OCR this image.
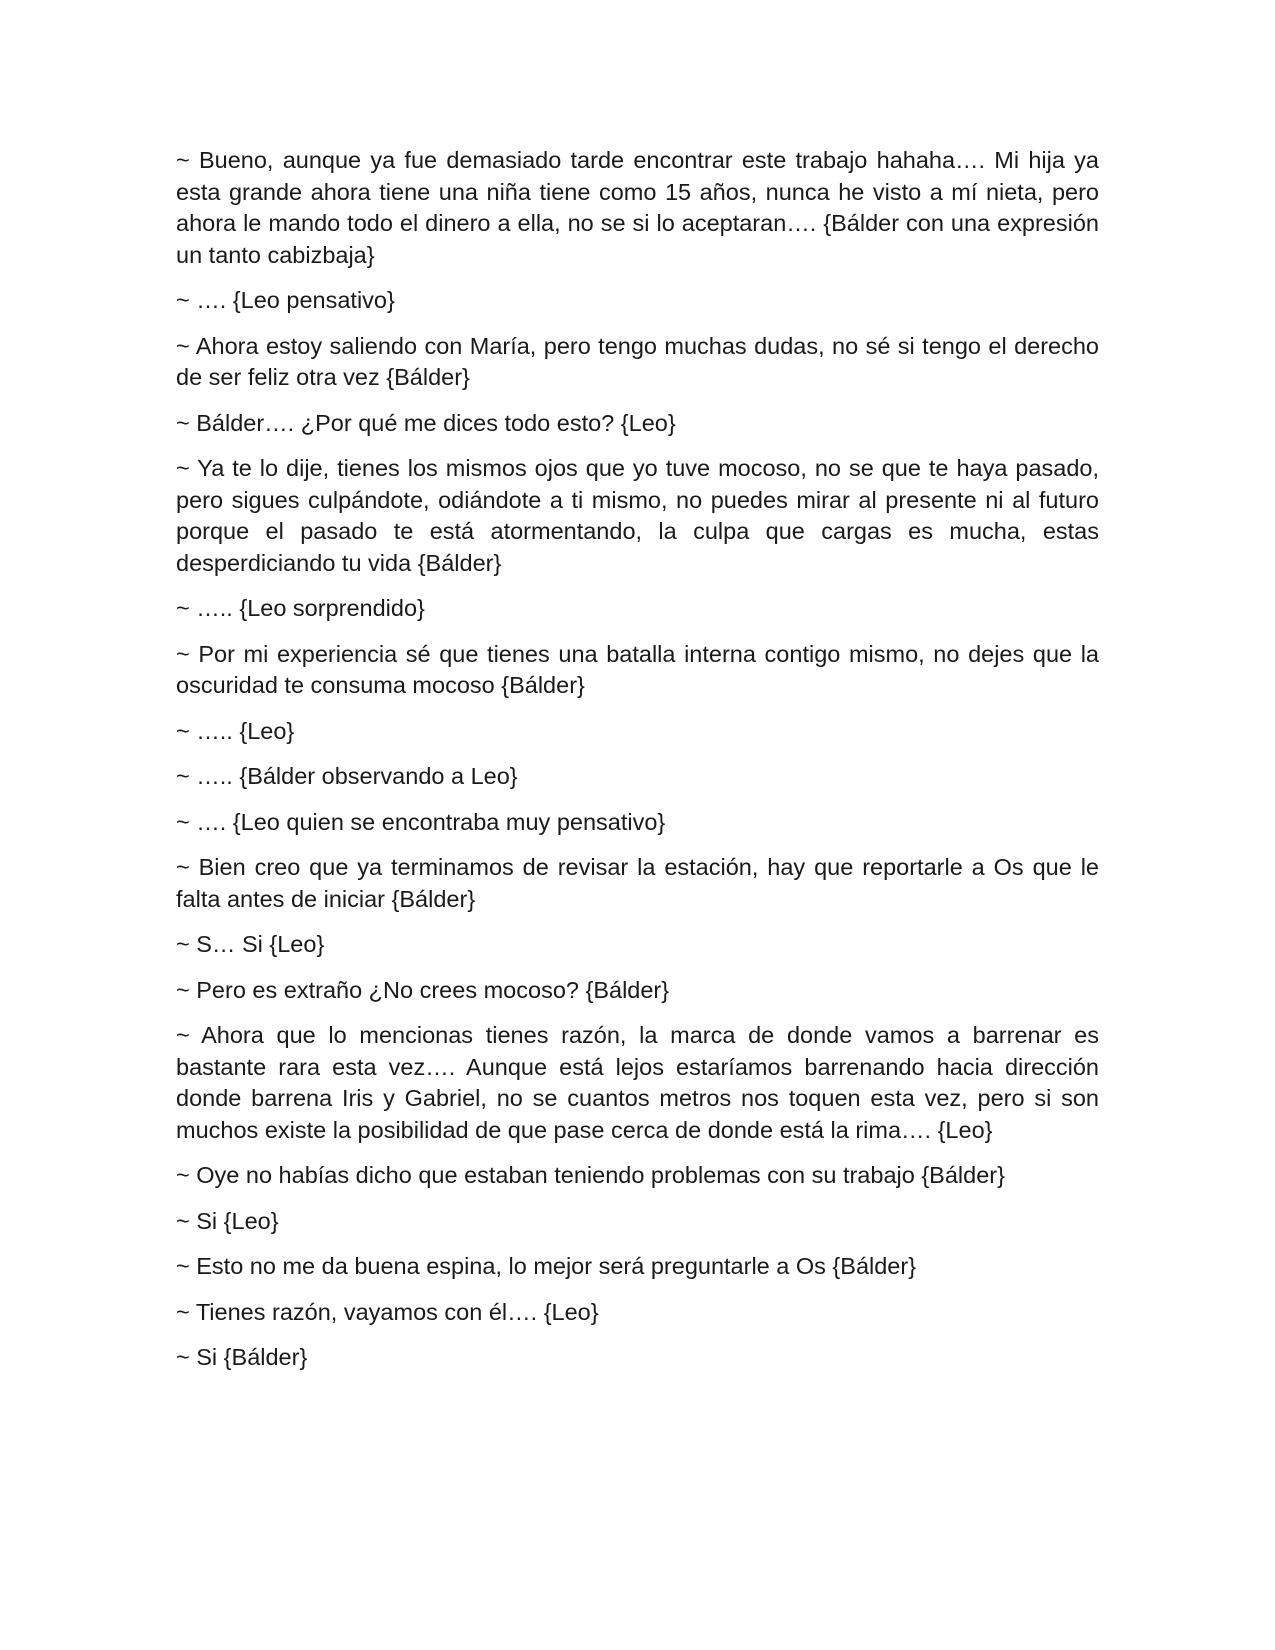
~ Bueno, aunque ya fue demasiado tarde encontrar este trabajo hahaha…. Mi hija ya esta grande ahora tiene una niña tiene como 15 años, nunca he visto a mí nieta, pero ahora le mando todo el dinero a ella, no se si lo aceptaran…. {Bálder con una expresión un tanto cabizbaja}

~ …. {Leo pensativo}

~ Ahora estoy saliendo con María, pero tengo muchas dudas, no sé si tengo el derecho de ser feliz otra vez {Bálder}

~ Bálder…. ¿Por qué me dices todo esto? {Leo}

~ Ya te lo dije, tienes los mismos ojos que yo tuve mocoso, no se que te haya pasado, pero sigues culpándote, odiándote a ti mismo, no puedes mirar al presente ni al futuro porque el pasado te está atormentando, la culpa que cargas es mucha, estas desperdiciando tu vida {Bálder}

~ ….. {Leo sorprendido}

~ Por mi experiencia sé que tienes una batalla interna contigo mismo, no dejes que la oscuridad te consuma mocoso {Bálder}

~ ….. {Leo}

~ ….. {Bálder observando a Leo}

~ …. {Leo quien se encontraba muy pensativo}

~ Bien creo que ya terminamos de revisar la estación, hay que reportarle a Os que le falta antes de iniciar {Bálder}

~ S… Si {Leo}

~ Pero es extraño ¿No crees mocoso? {Bálder}

~ Ahora que lo mencionas tienes razón, la marca de donde vamos a barrenar es bastante rara esta vez…. Aunque está lejos estaríamos barrenando hacia dirección donde barrena Iris y Gabriel, no se cuantos metros nos toquen esta vez, pero si son muchos existe la posibilidad de que pase cerca de donde está la rima…. {Leo}

~ Oye no habías dicho que estaban teniendo problemas con su trabajo {Bálder}

~ Si {Leo}

~ Esto no me da buena espina, lo mejor será preguntarle a Os {Bálder}

~ Tienes razón, vayamos con él…. {Leo}

~ Si {Bálder}
